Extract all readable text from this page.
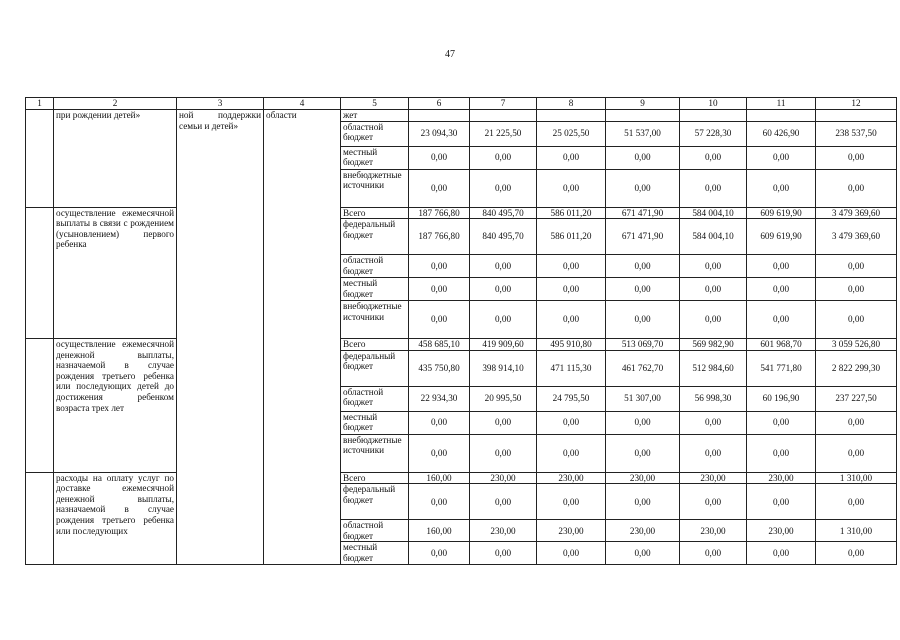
47
1	2	3	4	5	6	7	8	9	10	11	12
	при рождении детей»	ной поддержки семьи и детей»	области	жет							
				областной бюджет	23 094,30	21 225,50	25 025,50	51 537,00	57 228,30	60 426,90	238 537,50
				местный бюджет	0,00	0,00	0,00	0,00	0,00	0,00	0,00
				внебюджетные источники	0,00	0,00	0,00	0,00	0,00	0,00	0,00
	осуществление ежемесячной выплаты в связи с рождением (усыновлением) первого ребенка			Всего	187 766,80	840 495,70	586 011,20	671 471,90	584 004,10	609 619,90	3 479 369,60
				федеральный бюджет	187 766,80	840 495,70	586 011,20	671 471,90	584 004,10	609 619,90	3 479 369,60
				областной бюджет	0,00	0,00	0,00	0,00	0,00	0,00	0,00
				местный бюджет	0,00	0,00	0,00	0,00	0,00	0,00	0,00
				внебюджетные источники	0,00	0,00	0,00	0,00	0,00	0,00	0,00
	осуществление ежемесячной денежной выплаты, назначаемой в случае рождения третьего ребенка или последующих детей до достижения ребенком возраста трех лет			Всего	458 685,10	419 909,60	495 910,80	513 069,70	569 982,90	601 968,70	3 059 526,80
				федеральный бюджет	435 750,80	398 914,10	471 115,30	461 762,70	512 984,60	541 771,80	2 822 299,30
				областной бюджет	22 934,30	20 995,50	24 795,50	51 307,00	56 998,30	60 196,90	237 227,50
				местный бюджет	0,00	0,00	0,00	0,00	0,00	0,00	0,00
				внебюджетные источники	0,00	0,00	0,00	0,00	0,00	0,00	0,00
	расходы на оплату услуг по доставке ежемесячной денежной выплаты, назначаемой в случае рождения третьего ребенка или последующих			Всего	160,00	230,00	230,00	230,00	230,00	230,00	1 310,00
				федеральный бюджет	0,00	0,00	0,00	0,00	0,00	0,00	0,00
				областной бюджет	160,00	230,00	230,00	230,00	230,00	230,00	1 310,00
				местный бюджет	0,00	0,00	0,00	0,00	0,00	0,00	0,00
